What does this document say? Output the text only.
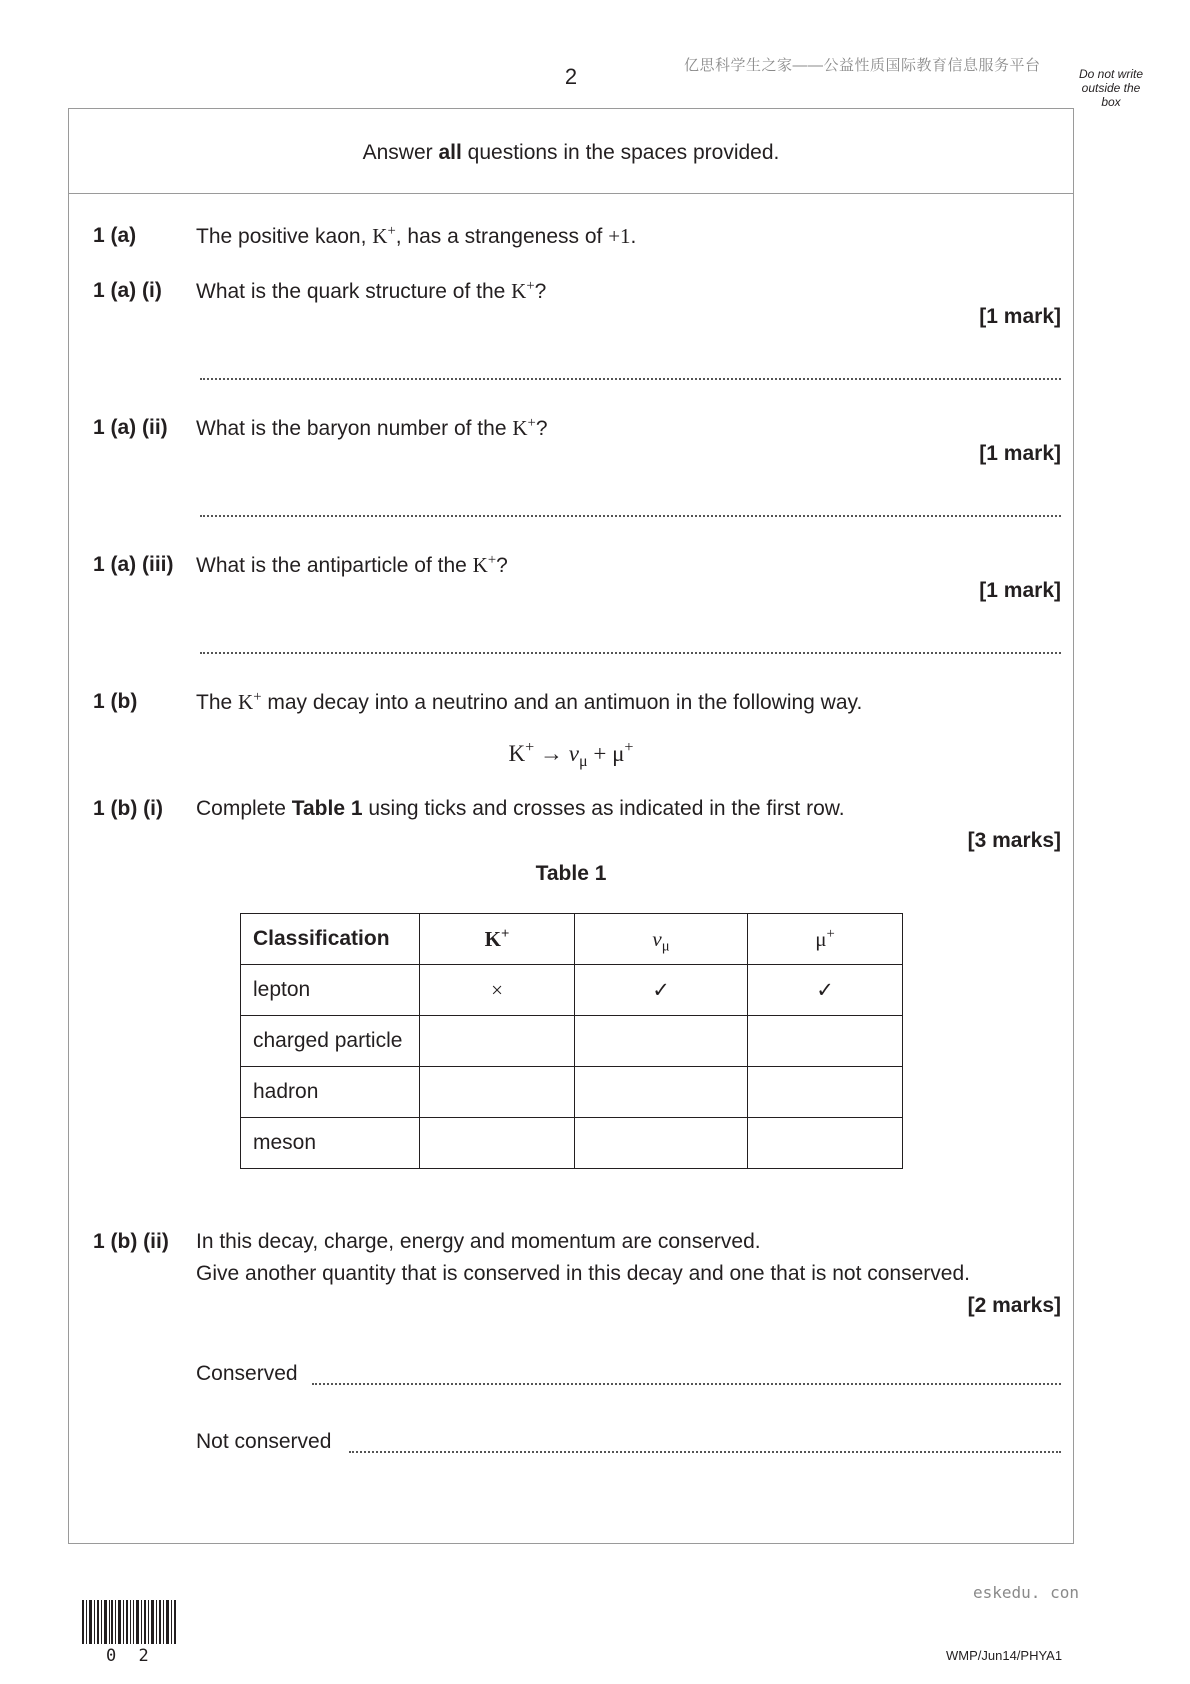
2	亿思科学生之家——公益性质国际教育信息服务平台	Do not write outside the box
Answer all questions in the spaces provided.
1 (a)	The positive kaon, K+, has a strangeness of +1.
1 (a) (i) What is the quark structure of the K+?
[1 mark]
1 (a) (ii) What is the baryon number of the K+?
[1 mark]
1 (a) (iii) What is the antiparticle of the K+?
[1 mark]
1 (b)	The K+ may decay into a neutrino and an antimuon in the following way.
$K^+ \to \nu_\mu + \mu^+$
1 (b) (i) Complete Table 1 using ticks and crosses as indicated in the first row.
[3 marks]
Table 1
Classification	K+	$\nu_\mu$	μ+
lepton	×	✓	✓
charged particle			
hadron			
meson			
1 (b) (ii) In this decay, charge, energy and momentum are conserved.
Give another quantity that is conserved in this decay and one that is not conserved.
[2 marks]
Conserved
Not conserved
eskedu. con
0 2	WMP/Jun14/PHYA1
